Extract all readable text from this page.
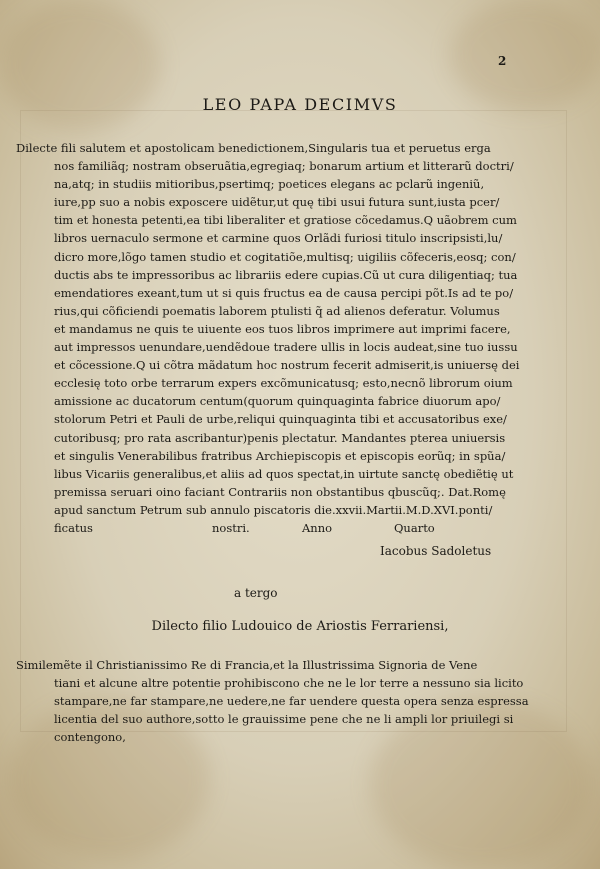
2
LEO PAPA DECIMVS
Dilecte fili salutem et apostolicam benedictionem,Singularis tua et peruetus erga
nos familiãq; nostram obseruãtia,egregiaq; bonarum artium et litterarũ doctri/
na,atq; in studiis mitioribus,psertimq; poetices elegans ac pclarũ ingeniũ,
iure,pp suo a nobis exposcere uidẽtur,ut quę tibi usui futura sunt,iusta pcer/
tim et honesta petenti,ea tibi liberaliter et gratiose cõcedamus.Q uãobrem cum
libros uernaculo sermone et carmine quos Orlãdi furiosi titulo inscripsisti,lu/
dicro more,lõgo tamen studio et cogitatiõe,multisq; uigiliis cõfeceris,eosq; con/
ductis abs te impressoribus ac librariis edere cupias.Cũ ut cura diligentiaq; tua
emendatiores exeant,tum ut si quis fructus ea de causa percipi põt.Is ad te po/
rius,qui cõficiendi poematis laborem ptulisti q̃ ad alienos deferatur. Volumus
et mandamus ne quis te uiuente eos tuos libros imprimere aut imprimi facere,
aut impressos uenundare,uendẽdoue tradere ullis in locis audeat,sine tuo iussu
et cõcessione.Q ui cõtra mãdatum hoc nostrum fecerit admiserit,is uniuersę dei
ecclesię toto orbe terrarum expers excõmunicatusq; esto,necnõ librorum oium
amissione ac ducatorum centum(quorum quinquaginta fabrice diuorum apo/
stolorum Petri et Pauli de urbe,reliqui quinquaginta tibi et accusatoribus exe/
cutoribusq; pro rata ascribantur)penis plectatur. Mandantes pterea uniuersis
et singulis Venerabilibus fratribus Archiepiscopis et episcopis eorũq; in spũa/
libus Vicariis generalibus,et aliis ad quos spectat,in uirtute sanctę obediẽtię ut
premissa seruari oino faciant Contrariis non obstantibus qbuscũq;. Dat.Romę
apud sanctum Petrum sub annulo piscatoris die.xxvii.Martii.M.D.XVI.ponti/
ficatus	nostri.	Anno	Quarto
Iacobus Sadoletus
a tergo
Dilecto filio Ludouico de Ariostis Ferrariensi,
Similemẽte il Christianissimo Re di Francia,et la Illustrissima Signoria de Vene
tiani et alcune altre potentie prohibiscono che ne le lor terre a nessuno sia licito
stampare,ne far stampare,ne uedere,ne far uendere questa opera senza espressa
licentia del suo authore,sotto le grauissime pene che ne li ampli lor priuilegi si
contengono,
